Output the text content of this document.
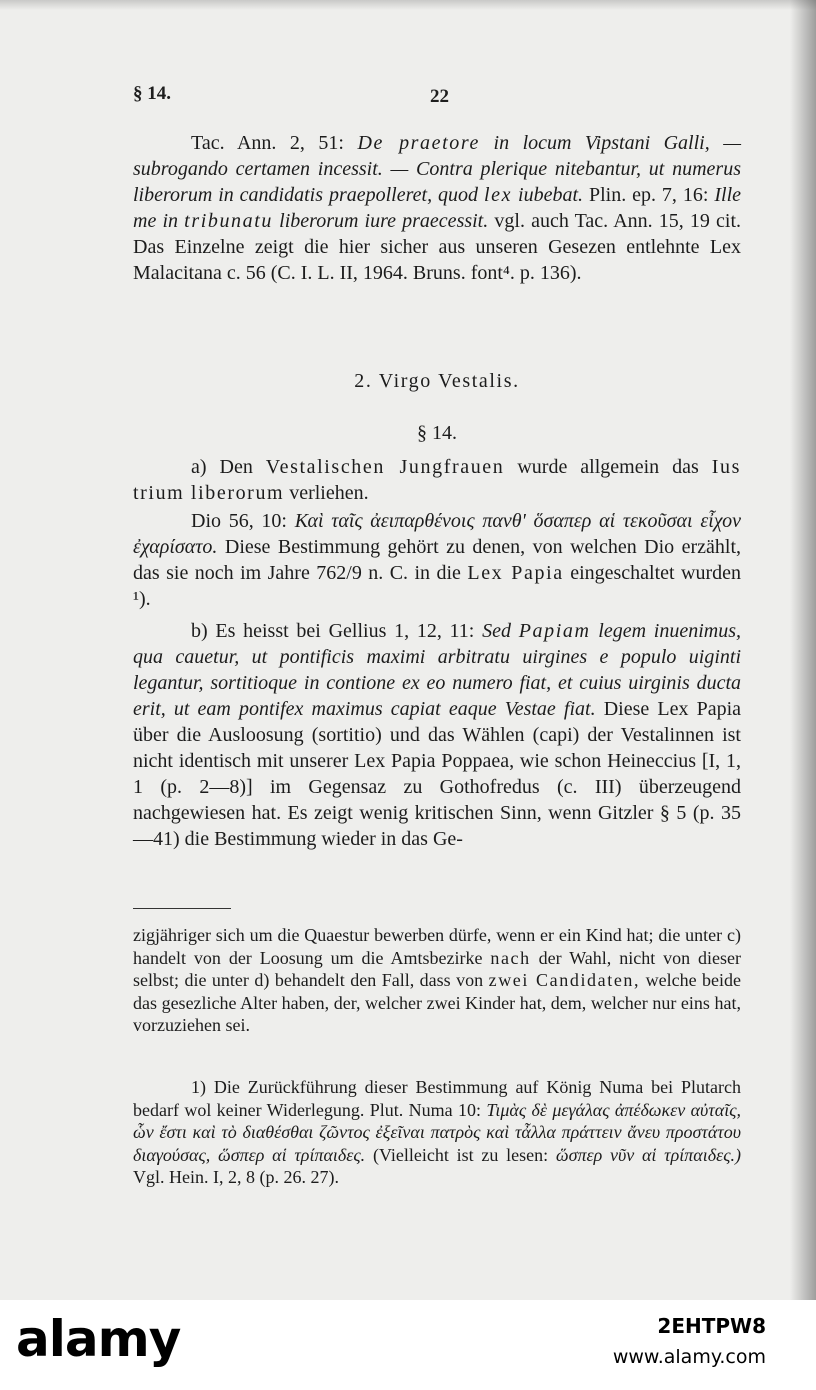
§ 14.	22

Tac. Ann. 2, 51: De praetore in locum Vipstani Galli, — subrogando certamen incessit. — Contra plerique nitebantur, ut numerus liberorum in candidatis praepolleret, quod lex iubebat. Plin. ep. 7, 16: Ille me in tribunatu liberorum iure praecessit. vgl. auch Tac. Ann. 15, 19 cit. Das Einzelne zeigt die hier sicher aus unseren Gesezen entlehnte Lex Malacitana c. 56 (C. I. L. II, 1964. Bruns. font⁴. p. 136).

2. Virgo Vestalis.
§ 14.

a) Den Vestalischen Jungfrauen wurde allgemein das Ius trium liberorum verliehen.

Dio 56, 10: Καὶ ταῖς ἀειπαρθένοις πανθ' ὅσαπερ αἱ τεκοῦσαι εἶχον ἐχαρίσατο. Diese Bestimmung gehört zu denen, von welchen Dio erzählt, das sie noch im Jahre 762/9 n. C. in die Lex Papia eingeschaltet wurden ¹).

b) Es heisst bei Gellius 1, 12, 11: Sed Papiam legem inuenimus, qua cauetur, ut pontificis maximi arbitratu uirgines e populo uiginti legantur, sortitioque in contione ex eo numero fiat, et cuius uirginis ducta erit, ut eam pontifex maximus capiat eaque Vestae fiat. Diese Lex Papia über die Ausloosung (sortitio) und das Wählen (capi) der Vestalinnen ist nicht identisch mit unserer Lex Papia Poppaea, wie schon Heineccius [I, 1, 1 (p. 2—8)] im Gegensaz zu Gothofredus (c. III) überzeugend nachgewiesen hat. Es zeigt wenig kritischen Sinn, wenn Gitzler § 5 (p. 35—41) die Bestimmung wieder in das Ge-

zigjähriger sich um die Quaestur bewerben dürfe, wenn er ein Kind hat; die unter c) handelt von der Loosung um die Amtsbezirke nach der Wahl, nicht von dieser selbst; die unter d) behandelt den Fall, dass von zwei Candidaten, welche beide das gesezliche Alter haben, der, welcher zwei Kinder hat, dem, welcher nur eins hat, vorzuziehen sei.

1) Die Zurückführung dieser Bestimmung auf König Numa bei Plutarch bedarf wol keiner Widerlegung. Plut. Numa 10: Τιμὰς δὲ μεγάλας ἀπέδωκεν αὐταῖς, ὧν ἔστι καὶ τὸ διαθέσθαι ζῶντος ἐξεῖναι πατρὸς καὶ τἆλλα πράττειν ἄνευ προστάτου διαγούσας, ὥσπερ αἱ τρίπαιδες. (Vielleicht ist zu lesen: ὥσπερ νῦν αἱ τρίπαιδες.) Vgl. Hein. I, 2, 8 (p. 26. 27).

alamy	2EHTPW8
www.alamy.com
